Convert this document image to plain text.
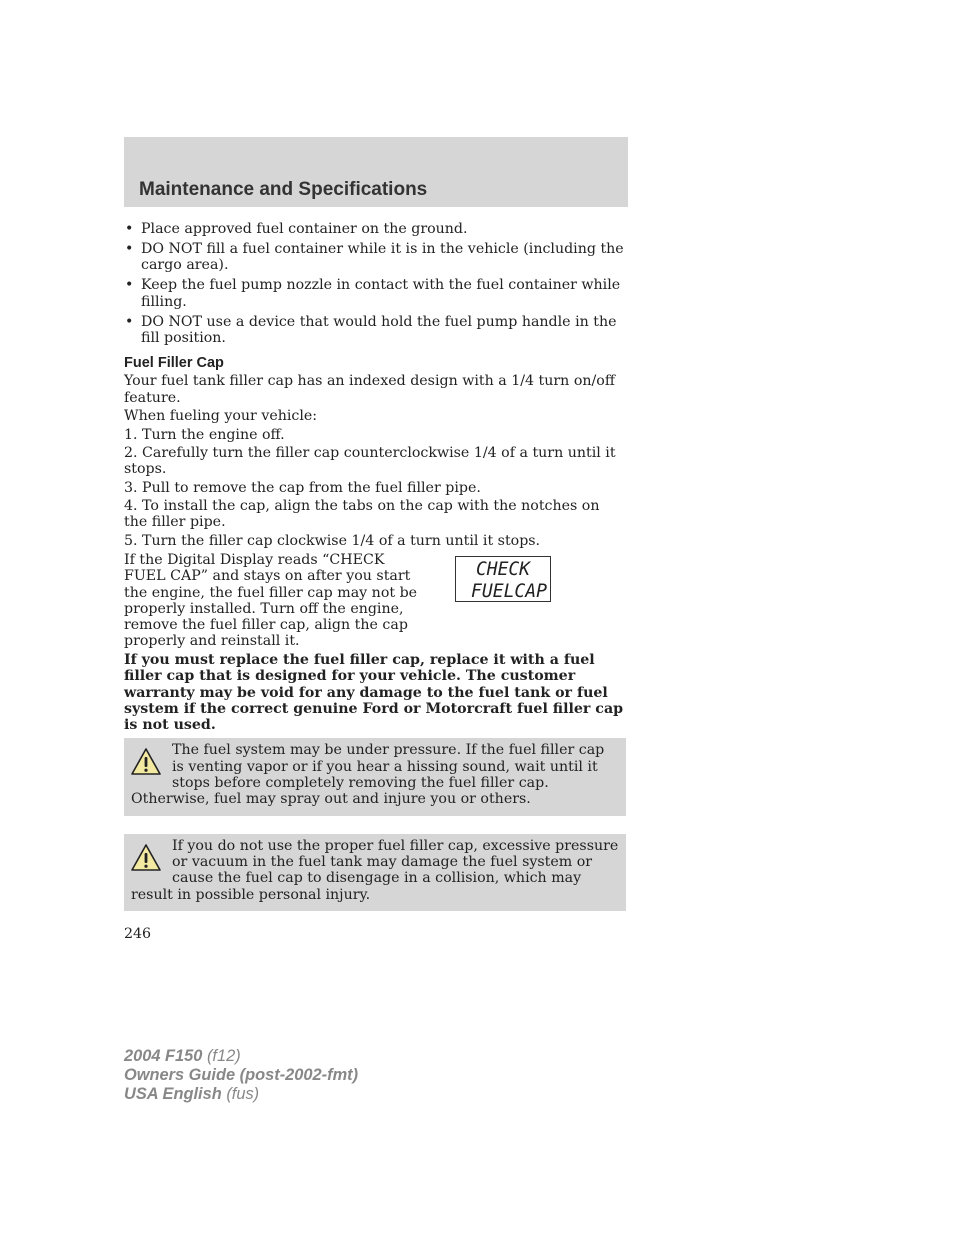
Maintenance and Specifications
• Place approved fuel container on the ground.
• DO NOT fill a fuel container while it is in the vehicle (including the cargo area).
• Keep the fuel pump nozzle in contact with the fuel container while filling.
• DO NOT use a device that would hold the fuel pump handle in the fill position.
Fuel Filler Cap

Your fuel tank filler cap has an indexed design with a 1/4 turn on/off feature.

When fueling your vehicle:

1. Turn the engine off.

2. Carefully turn the filler cap counterclockwise 1/4 of a turn until it stops.

3. Pull to remove the cap from the fuel filler pipe.

4. To install the cap, align the tabs on the cap with the notches on the filler pipe.

5. Turn the filler cap clockwise 1/4 of a turn until it stops.

If the Digital Display reads “CHECK FUEL CAP” and stays on after you start the engine, the fuel filler cap may not be properly installed. Turn off the engine, remove the fuel filler cap, align the cap properly and reinstall it.
CHECK
FUELCAP

If you must replace the fuel filler cap, replace it with a fuel filler cap that is designed for your vehicle. The customer warranty may be void for any damage to the fuel tank or fuel system if the correct genuine Ford or Motorcraft fuel filler cap is not used.

The fuel system may be under pressure. If the fuel filler cap is venting vapor or if you hear a hissing sound, wait until it stops before completely removing the fuel filler cap. Otherwise, fuel may spray out and injure you or others.
If you do not use the proper fuel filler cap, excessive pressure or vacuum in the fuel tank may damage the fuel system or cause the fuel cap to disengage in a collision, which may result in possible personal injury.
246
2004 F150 (f12)
Owners Guide (post-2002-fmt)
USA English (fus)
